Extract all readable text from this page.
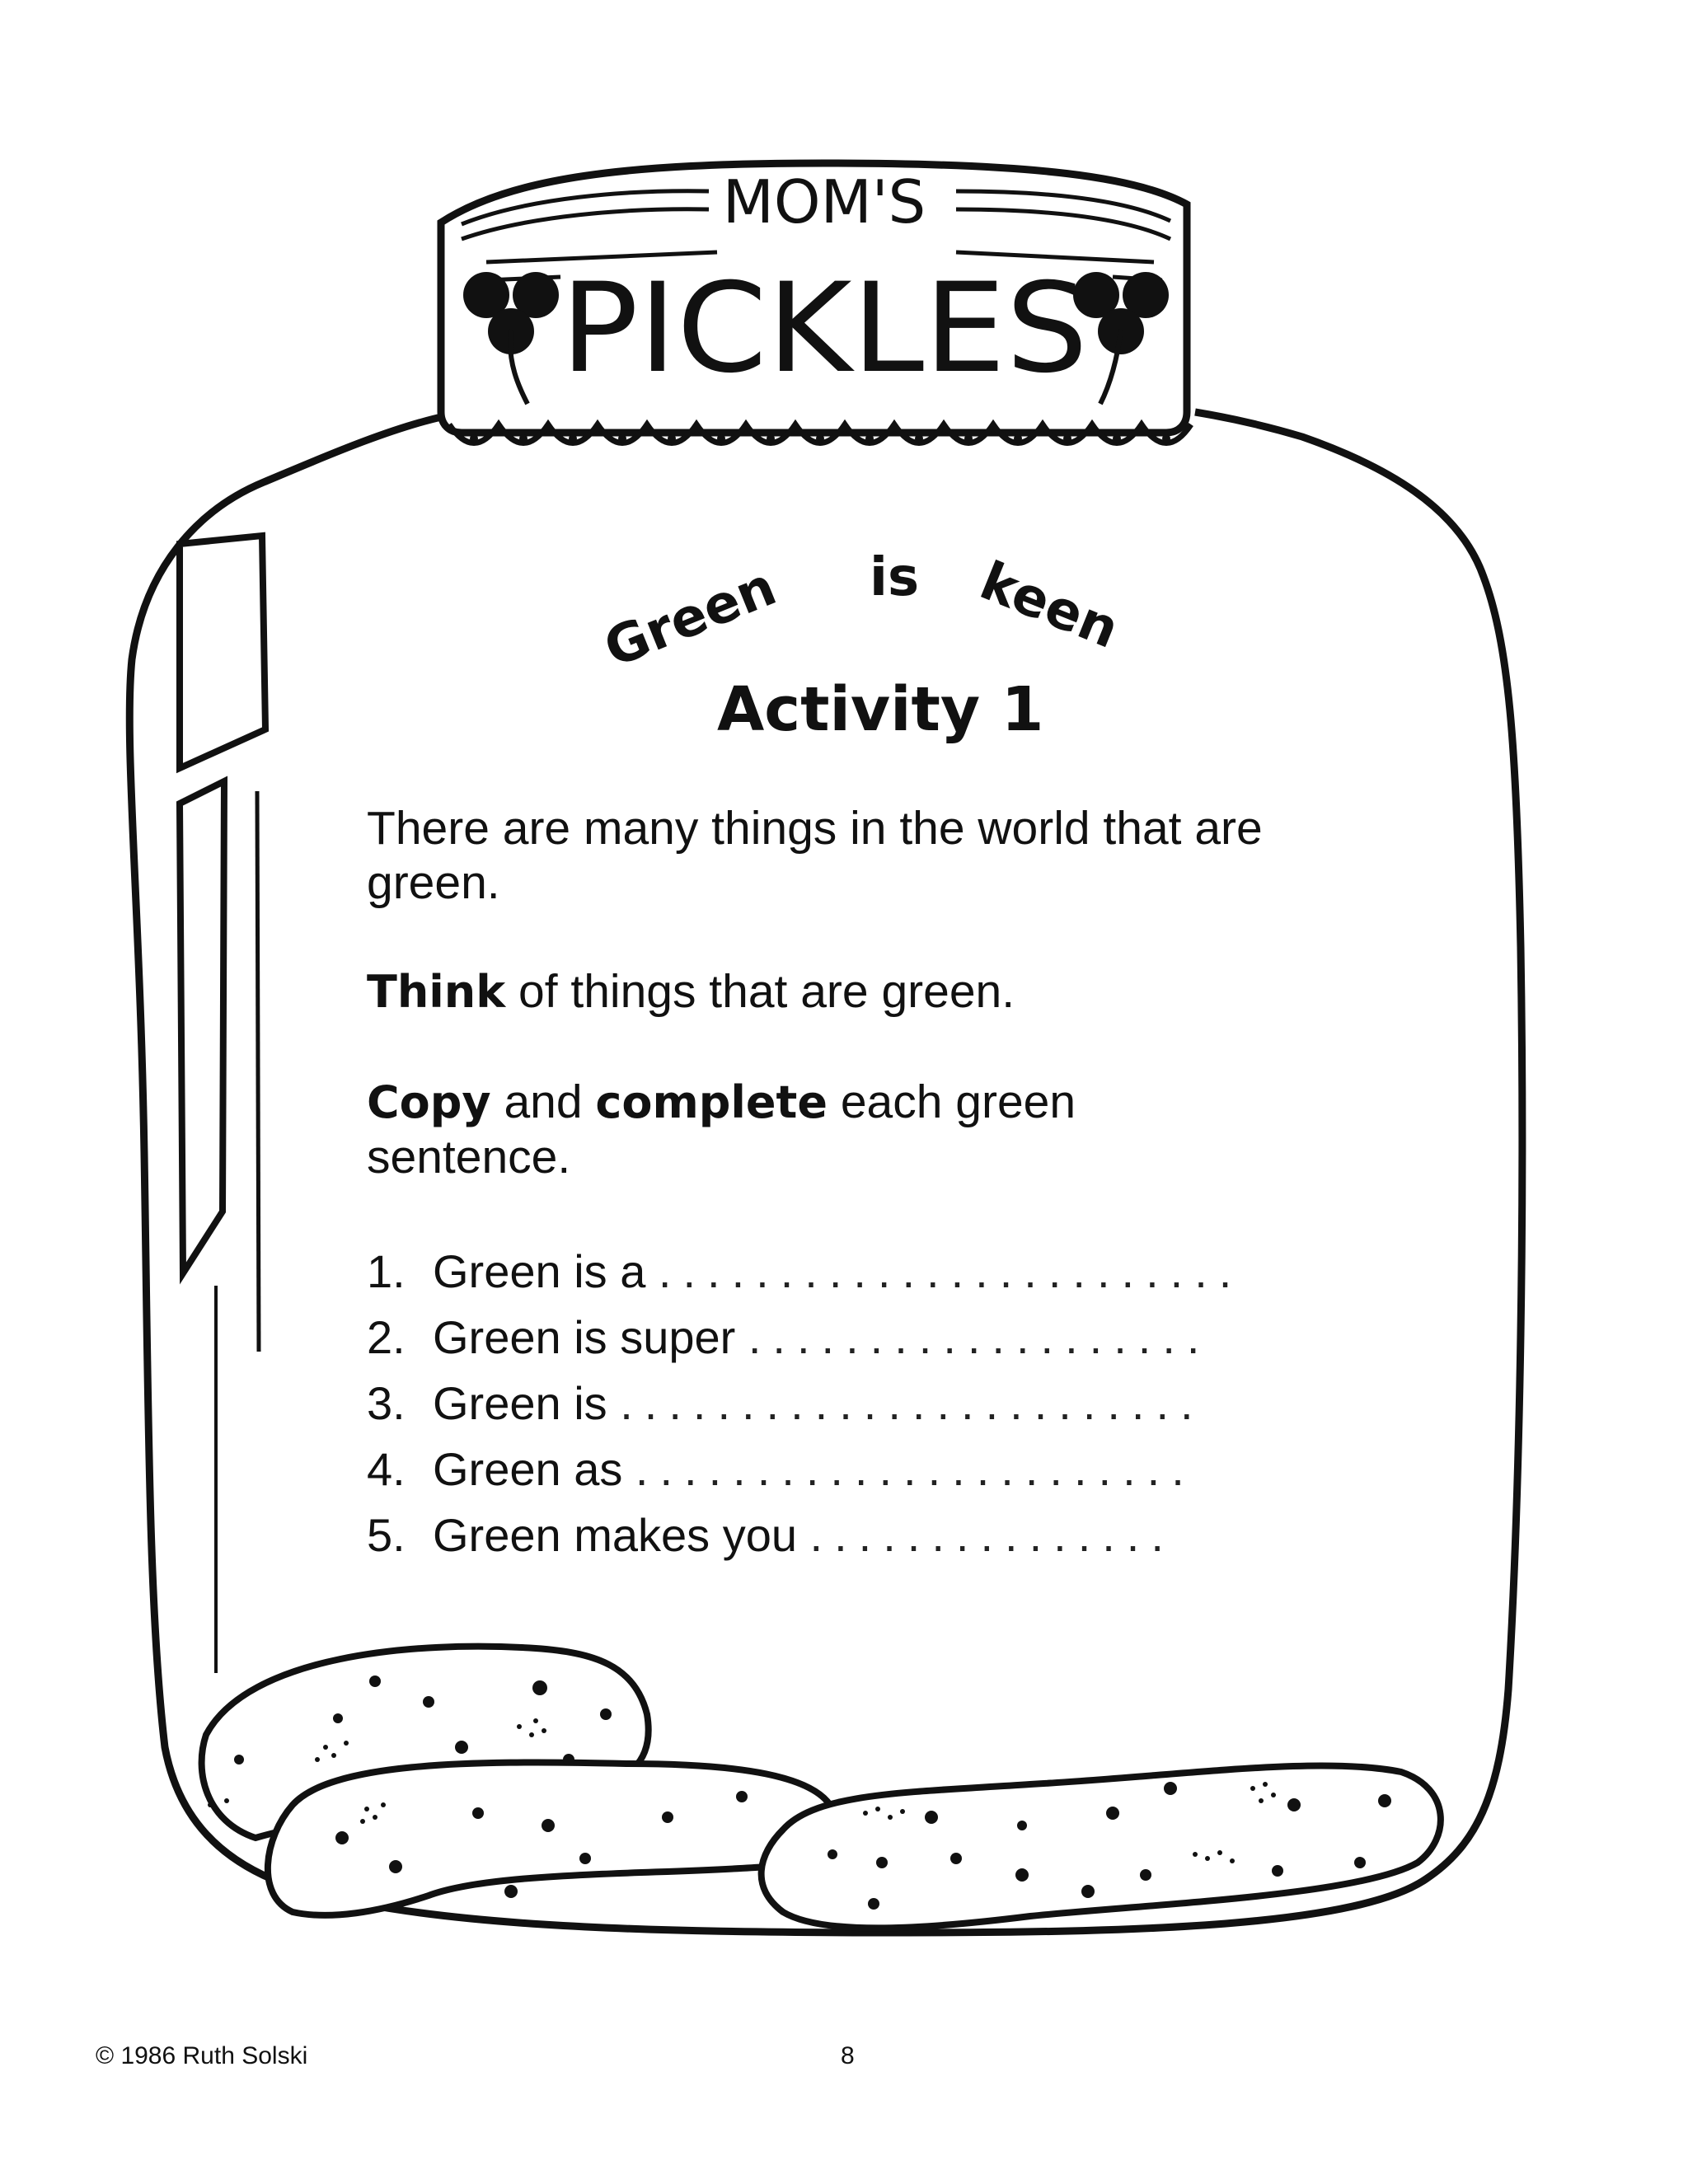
MOM'S
PICKLES
Green is keen
Activity 1
There are many things in the world that are green.
Think of things that are green.
Copy and complete each green sentence.
1. Green is a ........................
2. Green is super ...................
3. Green is ........................
4. Green as .......................
5. Green makes you ...............
© 1986 Ruth Solski	8
